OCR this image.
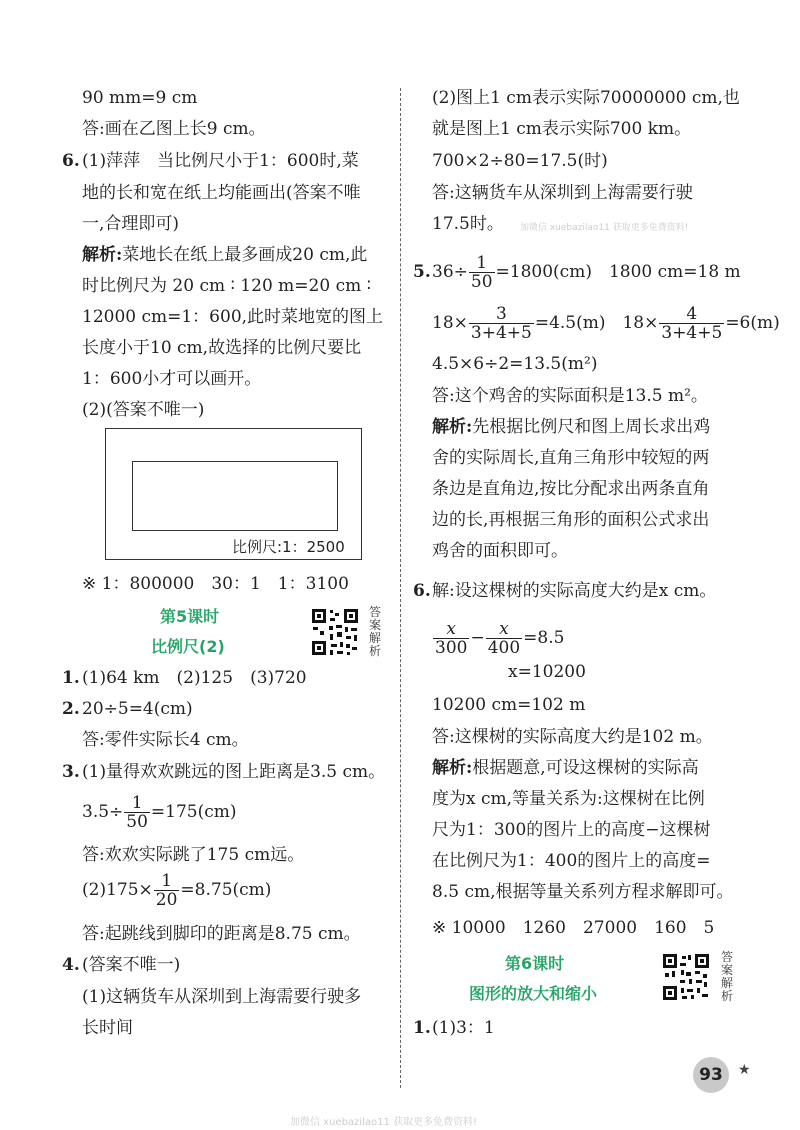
90 mm=9 cm
答:画在乙图上长9 cm。
6. (1)萍萍　当比例尺小于1：600时,菜
地的长和宽在纸上均能画出(答案不唯
一,合理即可)
解析:菜地长在纸上最多画成20 cm,此
时比例尺为 20 cm ∶ 120 m=20 cm ∶
12000 cm=1：600,此时菜地宽的图上
长度小于10 cm,故选择的比例尺要比
1：600小才可以画开。
(2)(答案不唯一)
比例尺:1：2500
※ 1：800000　30：1　1：3100
第5课时
比例尺(2)
答案解析
1. (1)64 km　(2)125　(3)720
2. 20÷5=4(cm)
答:零件实际长4 cm。
3. (1)量得欢欢跳远的图上距离是3.5 cm。
$3.5\div \frac{1}{50} =175(cm)$
答:欢欢实际跳了175 cm远。
$(2)175\times \frac{1}{20} =8.75(cm)$
答:起跳线到脚印的距离是8.75 cm。
4. (答案不唯一)
(1)这辆货车从深圳到上海需要行驶多
长时间
(2)图上1 cm表示实际70000000 cm,也
就是图上1 cm表示实际700 km。
700×2÷80=17.5(时)
答:这辆货车从深圳到上海需要行驶
17.5时。 加微信 xuebazilao11 获取更多免费资料!
5. $36\div \frac{1}{50} =1800(cm)$　1800 cm=18 m
$18\times \frac{3}{3+4+5} =4.5(m)$　$18\times \frac{4}{3+4+5} =6(m)$
4.5×6÷2=13.5(m²)
答:这个鸡舍的实际面积是13.5 m²。
解析:先根据比例尺和图上周长求出鸡
舍的实际周长,直角三角形中较短的两
条边是直角边,按比分配求出两条直角
边的长,再根据三角形的面积公式求出
鸡舍的面积即可。
6. 解:设这棵树的实际高度大约是x cm。
$\frac{x}{300} - \frac{x}{400} =8.5$
x=10200
10200 cm=102 m
答:这棵树的实际高度大约是102 m。
解析:根据题意,可设这棵树的实际高
度为x cm,等量关系为:这棵树在比例
尺为1：300的图片上的高度−这棵树
在比例尺为1：400的图片上的高度=
8.5 cm,根据等量关系列方程求解即可。
※ 10000　1260　27000　160　5
第6课时
图形的放大和缩小
答案解析
1. (1)3：1
93	★
加微信 xuebazilao11 获取更多免费资料!
